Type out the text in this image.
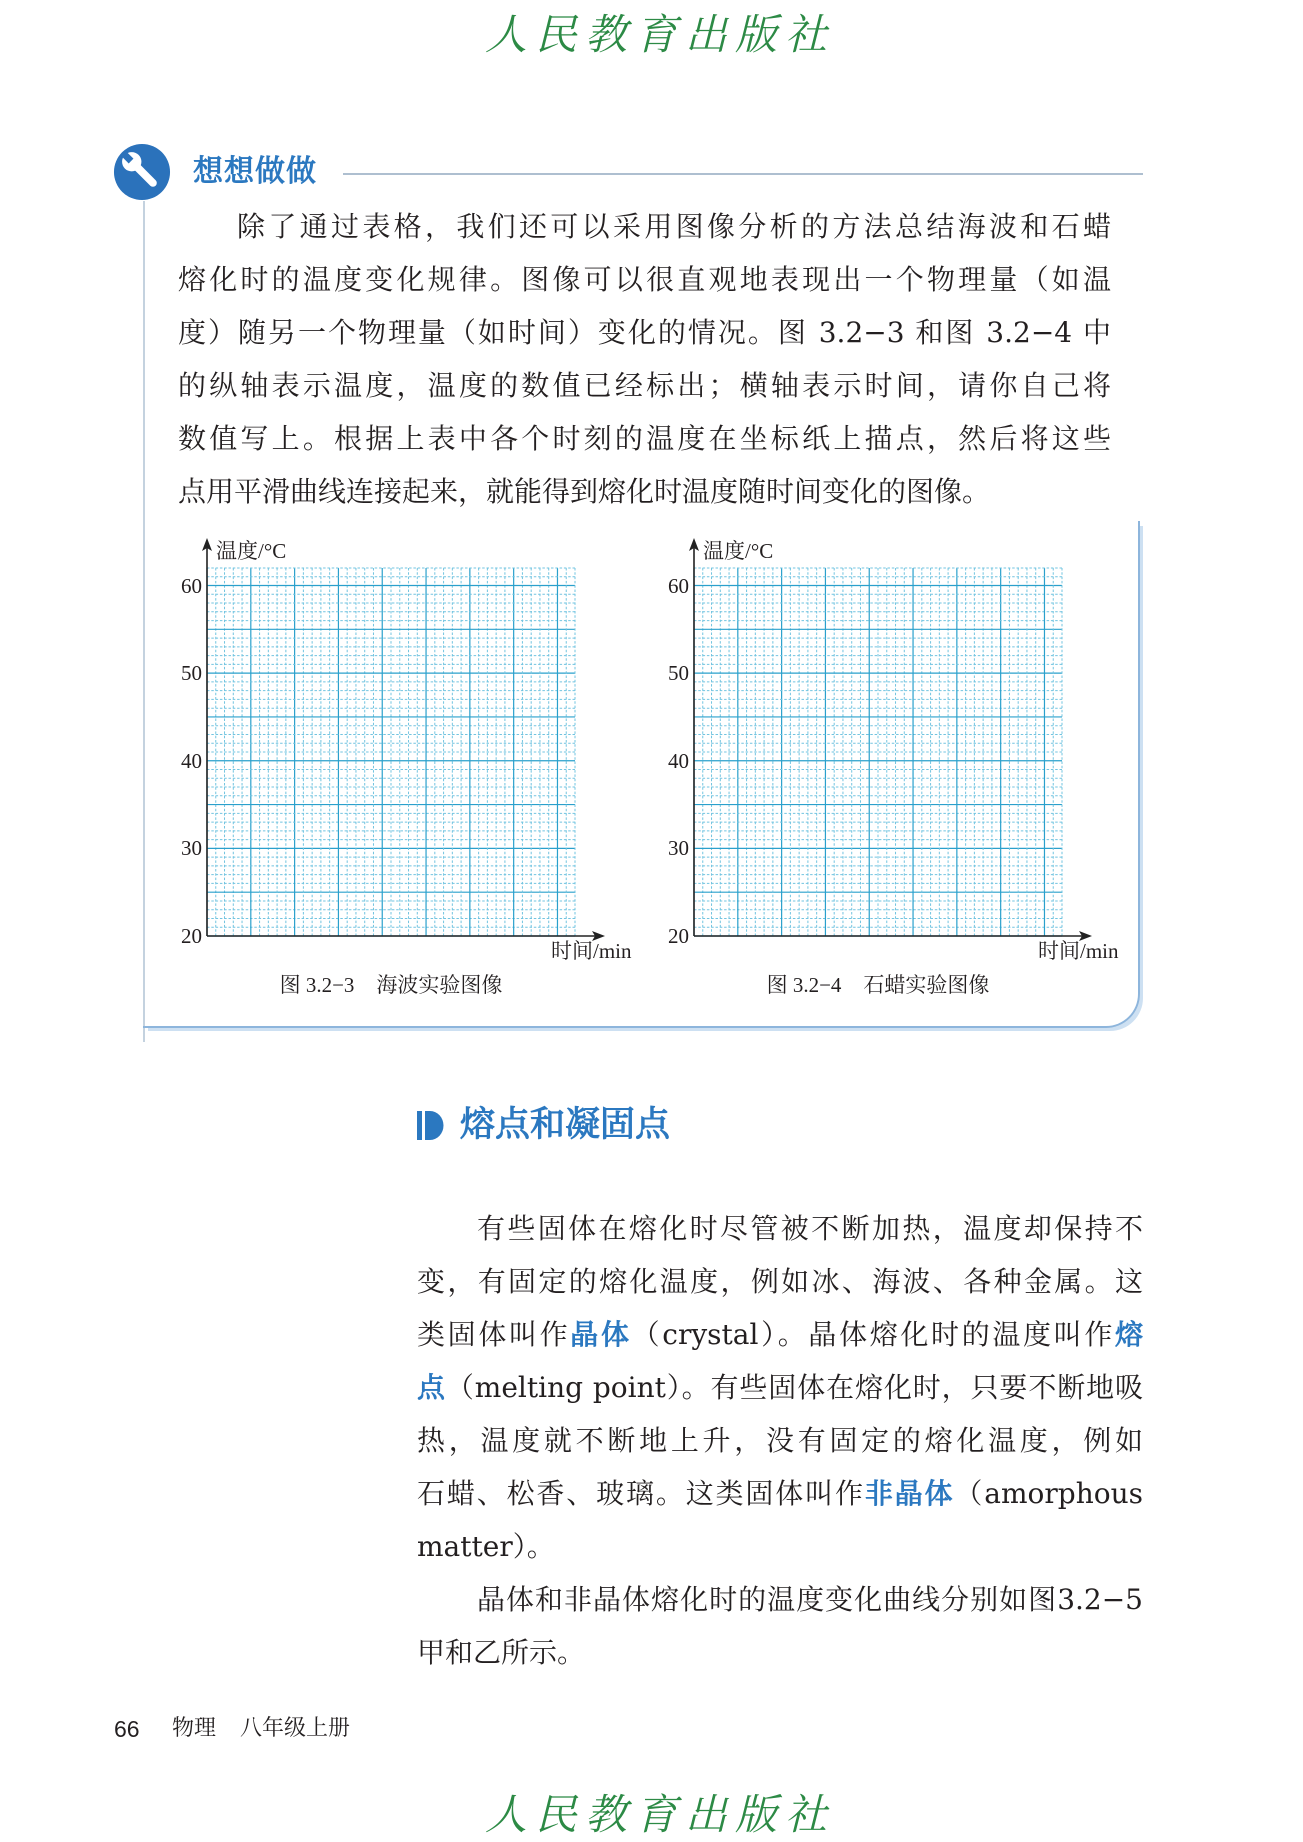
人民教育出版社
想想做做
除了通过表格，我们还可以采用图像分析的方法总结海波和石蜡
熔化时的温度变化规律。图像可以很直观地表现出一个物理量（如温
度）随另一个物理量（如时间）变化的情况。图 3.2−3 和图 3.2−4 中
的纵轴表示温度，温度的数值已经标出；横轴表示时间，请你自己将
数值写上。根据上表中各个时刻的温度在坐标纸上描点，然后将这些
点用平滑曲线连接起来，就能得到熔化时温度随时间变化的图像。
温度/°C
60
50
40
30
20
时间/min
图 3.2−3 海波实验图像
温度/°C
60
50
40
30
20
时间/min
图 3.2−4 石蜡实验图像
熔点和凝固点
有些固体在熔化时尽管被不断加热，温度却保持不
变，有固定的熔化温度，例如冰、海波、各种金属。这
类固体叫作晶体（crystal）。晶体熔化时的温度叫作熔
点（melting point）。有些固体在熔化时，只要不断地吸
热，温度就不断地上升，没有固定的熔化温度，例如
石蜡、松香、玻璃。这类固体叫作非晶体（amorphous
matter）。
晶体和非晶体熔化时的温度变化曲线分别如图3.2−5
甲和乙所示。
66 物理 八年级上册
人民教育出版社
